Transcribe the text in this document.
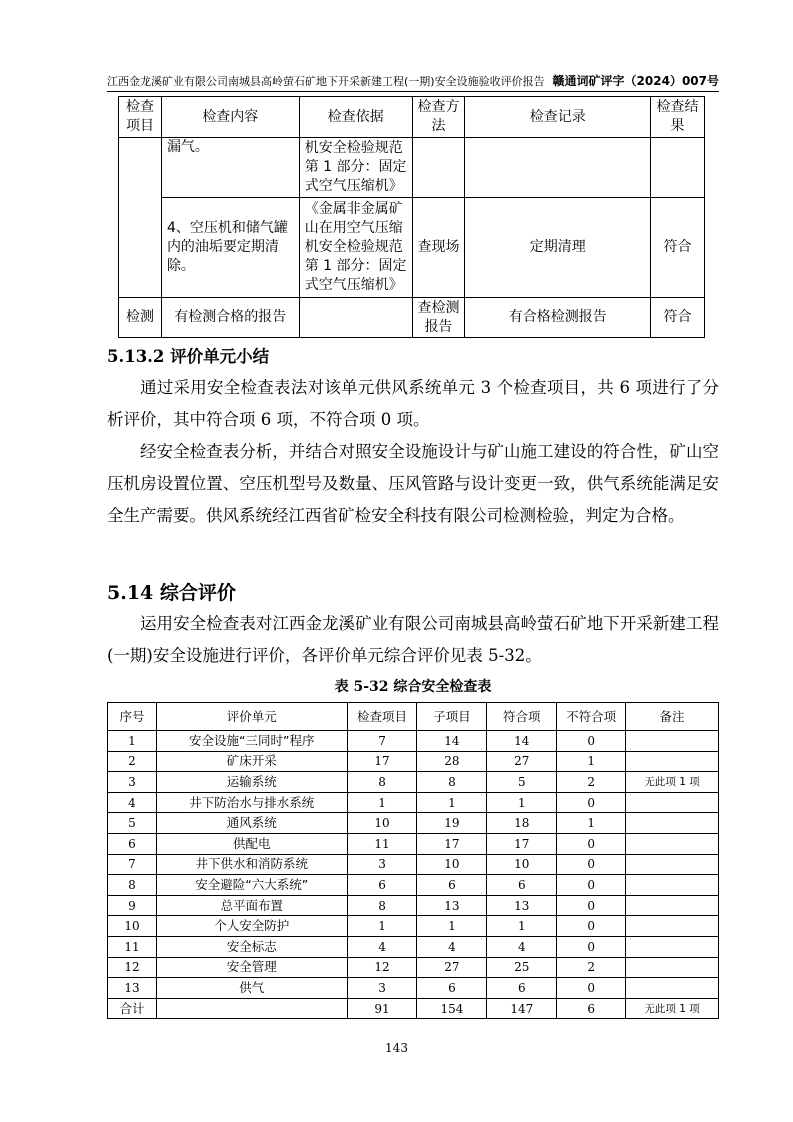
江西金龙溪矿业有限公司南城县高岭萤石矿地下开采新建工程(一期)安全设施验收评价报告 赣通词矿评字（2024）007号
检查项目	检查内容	检查依据	检查方法	检查记录	检查结果
	漏气。	机安全检验规范第 1 部分：固定式空气压缩机》			
	4、空压机和储气罐内的油垢要定期清除。	《金属非金属矿山在用空气压缩机安全检验规范第 1 部分：固定式空气压缩机》	查现场	定期清理	符合
检测	有检测合格的报告		查检测报告	有合格检测报告	符合
5.13.2 评价单元小结
通过采用安全检查表法对该单元供风系统单元 3 个检查项目，共 6 项进行了分析评价，其中符合项 6 项，不符合项 0 项。
经安全检查表分析，并结合对照安全设施设计与矿山施工建设的符合性，矿山空压机房设置位置、空压机型号及数量、压风管路与设计变更一致，供气系统能满足安全生产需要。供风系统经江西省矿检安全科技有限公司检测检验，判定为合格。
5.14 综合评价
运用安全检查表对江西金龙溪矿业有限公司南城县高岭萤石矿地下开采新建工程(一期)安全设施进行评价，各评价单元综合评价见表 5-32。
表 5-32 综合安全检查表
序号	评价单元	检查项目	子项目	符合项	不符合项	备注
1	安全设施“三同时”程序	7	14	14	0	
2	矿床开采	17	28	27	1	
3	运输系统	8	8	5	2	无此项 1 项
4	井下防治水与排水系统	1	1	1	0	
5	通风系统	10	19	18	1	
6	供配电	11	17	17	0	
7	井下供水和消防系统	3	10	10	0	
8	安全避险“六大系统”	6	6	6	0	
9	总平面布置	8	13	13	0	
10	个人安全防护	1	1	1	0	
11	安全标志	4	4	4	0	
12	安全管理	12	27	25	2	
13	供气	3	6	6	0	
合计		91	154	147	6	无此项 1 项
143
